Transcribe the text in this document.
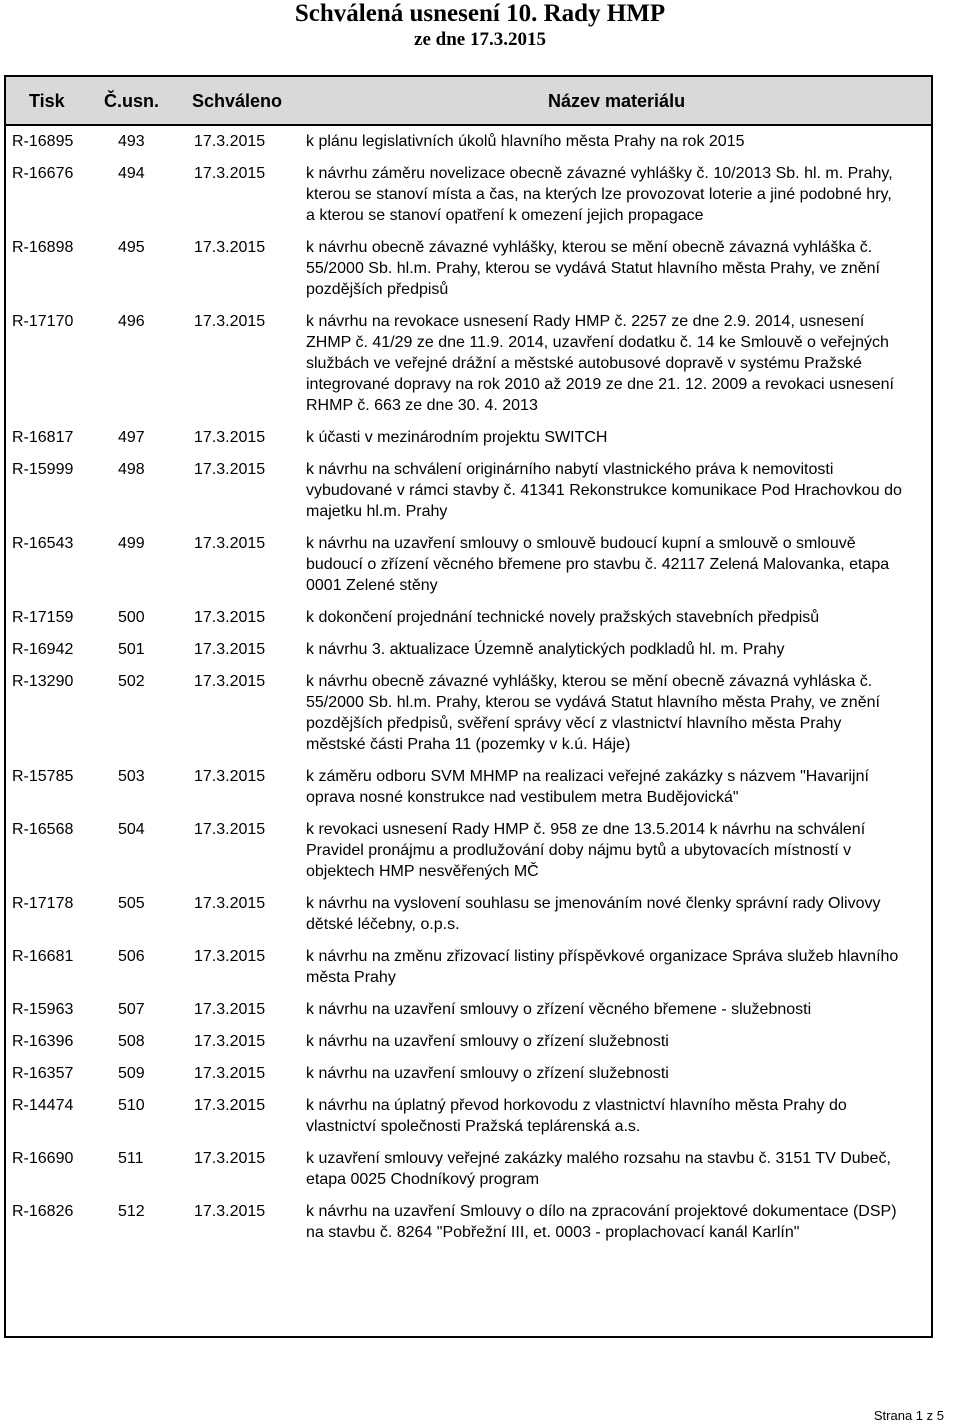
Schválená usnesení 10. Rady HMP
ze dne 17.3.2015
Tisk Č.usn. Schváleno	Název materiálu
R-16895	493	17.3.2015	k plánu legislativních úkolů hlavního města Prahy na rok 2015
R-16676	494	17.3.2015	k návrhu záměru novelizace obecně závazné vyhlášky č. 10/2013 Sb. hl. m. Prahy, kterou se stanoví místa a čas, na kterých lze provozovat loterie a jiné podobné hry, a kterou se stanoví opatření k omezení jejich propagace
R-16898	495	17.3.2015	k návrhu obecně závazné vyhlášky, kterou se mění obecně závazná vyhláška č. 55/2000 Sb. hl.m. Prahy, kterou se vydává Statut hlavního města Prahy, ve znění pozdějších předpisů
R-17170	496	17.3.2015	k návrhu na revokace usnesení Rady HMP č. 2257 ze dne 2.9. 2014, usnesení ZHMP č. 41/29 ze dne 11.9. 2014, uzavření dodatku č. 14 ke Smlouvě o veřejných službách ve veřejné drážní a městské autobusové dopravě v systému Pražské integrované dopravy na rok 2010 až 2019 ze dne 21. 12. 2009 a revokaci usnesení RHMP č. 663 ze dne 30. 4. 2013
R-16817	497	17.3.2015	k účasti v mezinárodním projektu SWITCH
R-15999	498	17.3.2015	k návrhu na schválení originárního nabytí vlastnického práva k nemovitosti vybudované v rámci stavby č. 41341 Rekonstrukce komunikace Pod Hrachovkou do majetku hl.m. Prahy
R-16543	499	17.3.2015	k návrhu na uzavření smlouvy o smlouvě budoucí kupní a smlouvě o smlouvě budoucí o zřízení věcného břemene pro stavbu č. 42117 Zelená Malovanka, etapa 0001 Zelené stěny
R-17159	500	17.3.2015	k dokončení projednání technické novely pražských stavebních předpisů
R-16942	501	17.3.2015	k návrhu 3. aktualizace Územně analytických podkladů hl. m. Prahy
R-13290	502	17.3.2015	k návrhu obecně závazné vyhlášky, kterou se mění obecně závazná vyhláska č. 55/2000 Sb. hl.m. Prahy, kterou se vydává Statut hlavního města Prahy, ve znění pozdějších předpisů, svěření správy věcí z vlastnictví hlavního města Prahy městské části Praha 11 (pozemky v k.ú. Háje)
R-15785	503	17.3.2015	k záměru odboru SVM MHMP na realizaci veřejné zakázky s názvem "Havarijní oprava nosné konstrukce nad vestibulem metra Budějovická"
R-16568	504	17.3.2015	k revokaci usnesení Rady HMP č. 958 ze dne 13.5.2014 k návrhu na schválení Pravidel pronájmu a prodlužování doby nájmu bytů a ubytovacích místností v objektech HMP nesvěřených MČ
R-17178	505	17.3.2015	k návrhu na vyslovení souhlasu se jmenováním nové členky správní rady Olivovy dětské léčebny, o.p.s.
R-16681	506	17.3.2015	k návrhu na změnu zřizovací listiny příspěvkové organizace Správa služeb hlavního města Prahy
R-15963	507	17.3.2015	k návrhu na uzavření smlouvy o zřízení věcného břemene - služebnosti
R-16396	508	17.3.2015	k návrhu na uzavření smlouvy o zřízení služebnosti
R-16357	509	17.3.2015	k návrhu na uzavření smlouvy o zřízení služebnosti
R-14474	510	17.3.2015	k návrhu na úplatný převod horkovodu z vlastnictví hlavního města Prahy do vlastnictví společnosti Pražská teplárenská a.s.
R-16690	511	17.3.2015	k uzavření smlouvy veřejné zakázky malého rozsahu na stavbu č. 3151 TV Dubeč, etapa 0025 Chodníkový program
R-16826	512	17.3.2015	k návrhu na uzavření Smlouvy o dílo na zpracování projektové dokumentace (DSP) na stavbu č. 8264 "Pobřežní III, et. 0003 - proplachovací kanál Karlín"
Strana 1 z 5
